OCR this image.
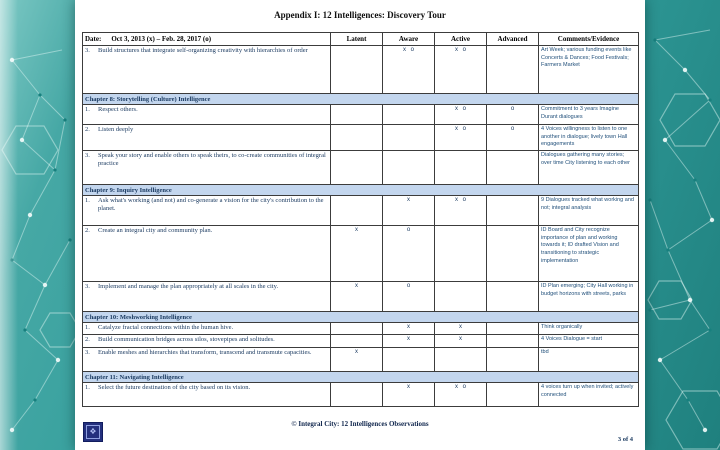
Appendix I: 12 Intelligences: Discovery Tour
Date: Oct 3, 2013 (x) – Feb. 28, 2017 (o)	Latent	Aware	Active	Advanced	Comments/Evidence

3. Build structures that integrate self-organizing creativity with hierarchies of order		x o	x o		Art Week; various funding events like Concerts & Dances; Food Festivals; Farmers Market
Chapter 8: Storytelling (Culture) Intelligence					

1. Respect others.			x o	o	Commitment to 3 years Imagine Durant dialogues

2. Listen deeply			x o	o	4 Voices willingness to listen to one another in dialogue; lively town Hall engagements

3. Speak your story and enable others to speak theirs, to co-create communities of integral practice					Dialogues gathering many stories; over time City listening to each other
Chapter 9: Inquiry Intelligence					

1. Ask what's working (and not) and co-generate a vision for the city's contribution to the planet.		x	x o		9 Dialogues tracked what working and not; integral analysis

2. Create an integral city and community plan.	x	o			ID Board and City recognize importance of plan and working towards it; ID drafted Vision and transitioning to strategic implementation

3. Implement and manage the plan appropriately at all scales in the city.	x	o			ID Plan emerging; City Hall working in budget horizons with streets, parks
Chapter 10: Meshworking Intelligence					

1. Catalyze fractal connections within the human hive.		x	x		Think organically

2. Build communication bridges across silos, stovepipes and solitudes.		x	x		4 Voices Dialogue = start

3. Enable meshes and hierarchies that transform, transcend and transmute capacities.	x				tbd
Chapter 11: Navigating Intelligence					

1. Select the future destination of the city based on its vision.		x	x o		4 voices turn up when invited; actively connected
❖
© Integral City: 12 Intelligences Observations
3 of 4
